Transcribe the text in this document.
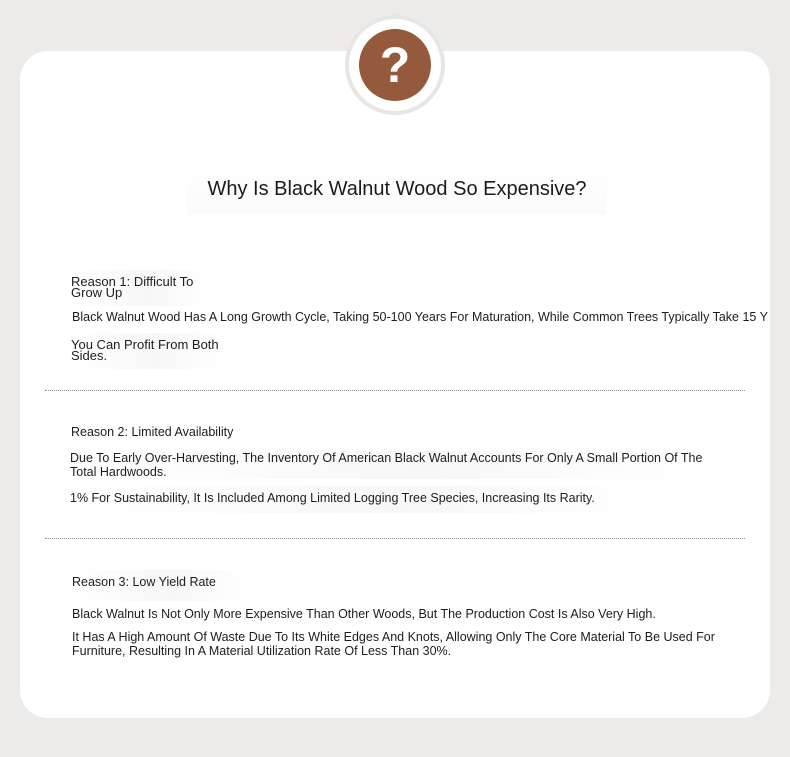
?
Why Is Black Walnut Wood So Expensive?
Reason 1: Difficult To Grow Up
Black Walnut Wood Has A Long Growth Cycle, Taking 50-100 Years For Maturation, While Common Trees Typically Take 15 Y
You Can Profit From Both Sides.
Reason 2: Limited Availability
Due To Early Over-Harvesting, The Inventory Of American Black Walnut Accounts For Only A Small Portion Of The Total Hardwoods.
1% For Sustainability, It Is Included Among Limited Logging Tree Species, Increasing Its Rarity.
Reason 3: Low Yield Rate
Black Walnut Is Not Only More Expensive Than Other Woods, But The Production Cost Is Also Very High.
It Has A High Amount Of Waste Due To Its White Edges And Knots, Allowing Only The Core Material To Be Used For Furniture, Resulting In A Material Utilization Rate Of Less Than 30%.
